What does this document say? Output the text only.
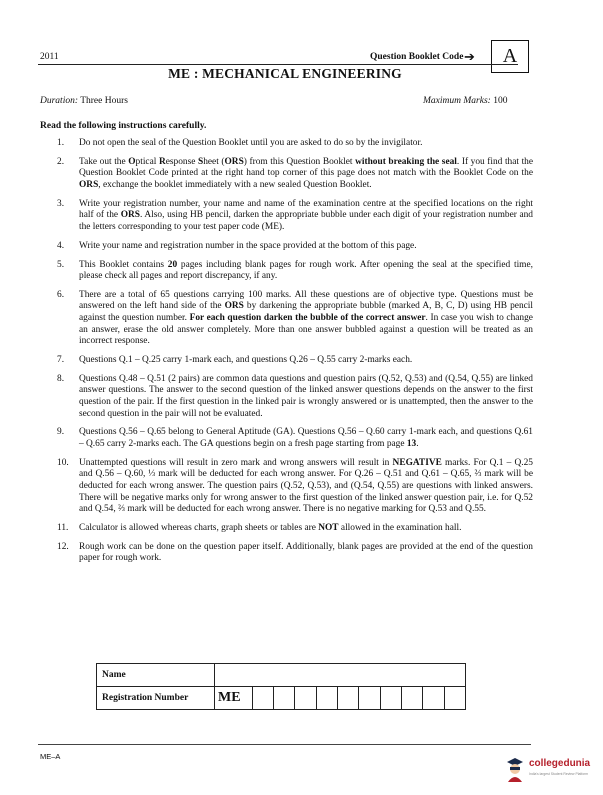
2011	Question Booklet Code ➔	A
ME : MECHANICAL ENGINEERING
Duration: Three Hours	Maximum Marks: 100
Read the following instructions carefully.
1. Do not open the seal of the Question Booklet until you are asked to do so by the invigilator.
2. Take out the Optical Response Sheet (ORS) from this Question Booklet without breaking the seal. If you find that the Question Booklet Code printed at the right hand top corner of this page does not match with the Booklet Code on the ORS, exchange the booklet immediately with a new sealed Question Booklet.
3. Write your registration number, your name and name of the examination centre at the specified locations on the right half of the ORS. Also, using HB pencil, darken the appropriate bubble under each digit of your registration number and the letters corresponding to your test paper code (ME).
4. Write your name and registration number in the space provided at the bottom of this page.
5. This Booklet contains 20 pages including blank pages for rough work. After opening the seal at the specified time, please check all pages and report discrepancy, if any.
6. There are a total of 65 questions carrying 100 marks. All these questions are of objective type. Questions must be answered on the left hand side of the ORS by darkening the appropriate bubble (marked A, B, C, D) using HB pencil against the question number. For each question darken the bubble of the correct answer. In case you wish to change an answer, erase the old answer completely. More than one answer bubbled against a question will be treated as an incorrect response.
7. Questions Q.1 – Q.25 carry 1-mark each, and questions Q.26 – Q.55 carry 2-marks each.
8. Questions Q.48 – Q.51 (2 pairs) are common data questions and question pairs (Q.52, Q.53) and (Q.54, Q.55) are linked answer questions. The answer to the second question of the linked answer questions depends on the answer to the first question of the pair. If the first question in the linked pair is wrongly answered or is unattempted, then the answer to the second question in the pair will not be evaluated.
9. Questions Q.56 – Q.65 belong to General Aptitude (GA). Questions Q.56 – Q.60 carry 1-mark each, and questions Q.61 – Q.65 carry 2-marks each. The GA questions begin on a fresh page starting from page 13.
10. Unattempted questions will result in zero mark and wrong answers will result in NEGATIVE marks. For Q.1 – Q.25 and Q.56 – Q.60, ⅓ mark will be deducted for each wrong answer. For Q.26 – Q.51 and Q.61 – Q.65, ⅔ mark will be deducted for each wrong answer. The question pairs (Q.52, Q.53), and (Q.54, Q.55) are questions with linked answers. There will be negative marks only for wrong answer to the first question of the linked answer question pair, i.e. for Q.52 and Q.54, ⅔ mark will be deducted for each wrong answer. There is no negative marking for Q.53 and Q.55.
11. Calculator is allowed whereas charts, graph sheets or tables are NOT allowed in the examination hall.
12. Rough work can be done on the question paper itself. Additionally, blank pages are provided at the end of the question paper for rough work.
Name											
Registration Number	ME										
ME–A
collegedunia
India's largest Student Review Platform
